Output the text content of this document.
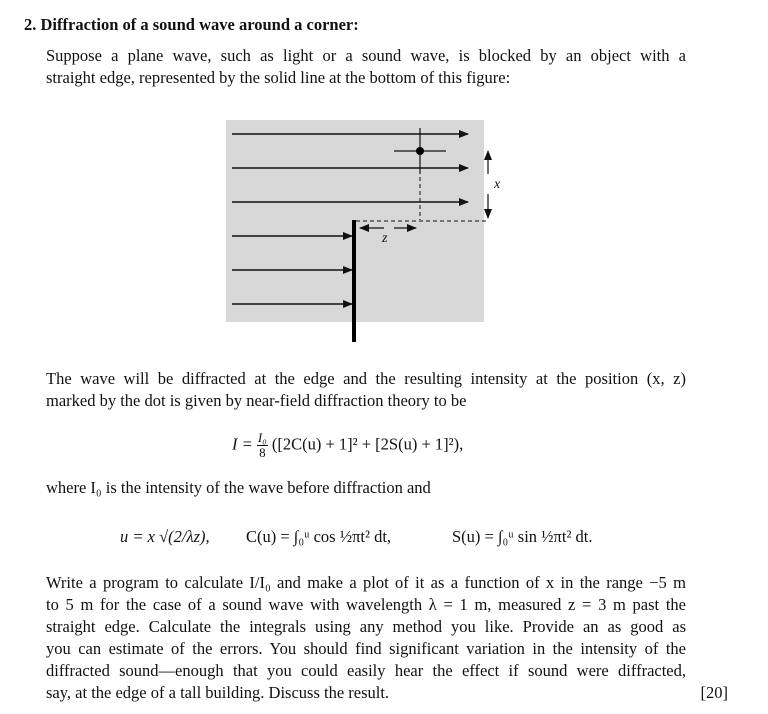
2. Diffraction of a sound wave around a corner:
Suppose a plane wave, such as light or a sound wave, is blocked by an object with a
straight edge, represented by the solid line at the bottom of this figure:
z
x
The wave will be diffracted at the edge and the resulting intensity at the position (x, z)
marked by the dot is given by near-field diffraction theory to be
$I = \frac{\text{I₀}}{8} ([2C(u) + 1]^2 + [2S(u) + 1]^2)$,
where I₀ is the intensity of the wave before diffraction and
u = x √(2/λz), C(u) = ∫₀ᵘ cos ½πt² dt,	S(u) = ∫₀ᵘ sin ½πt² dt.
Write a program to calculate I/I₀ and make a plot of it as a function of x in the range −5 m
to 5 m for the case of a sound wave with wavelength λ = 1 m, measured z = 3 m past the
straight edge. Calculate the integrals using any method you like. Provide an as good as
you can estimate of the errors. You should find significant variation in the intensity of the
diffracted sound—enough that you could easily hear the effect if sound were diffracted,
say, at the edge of a tall building. Discuss the result.	[20]
